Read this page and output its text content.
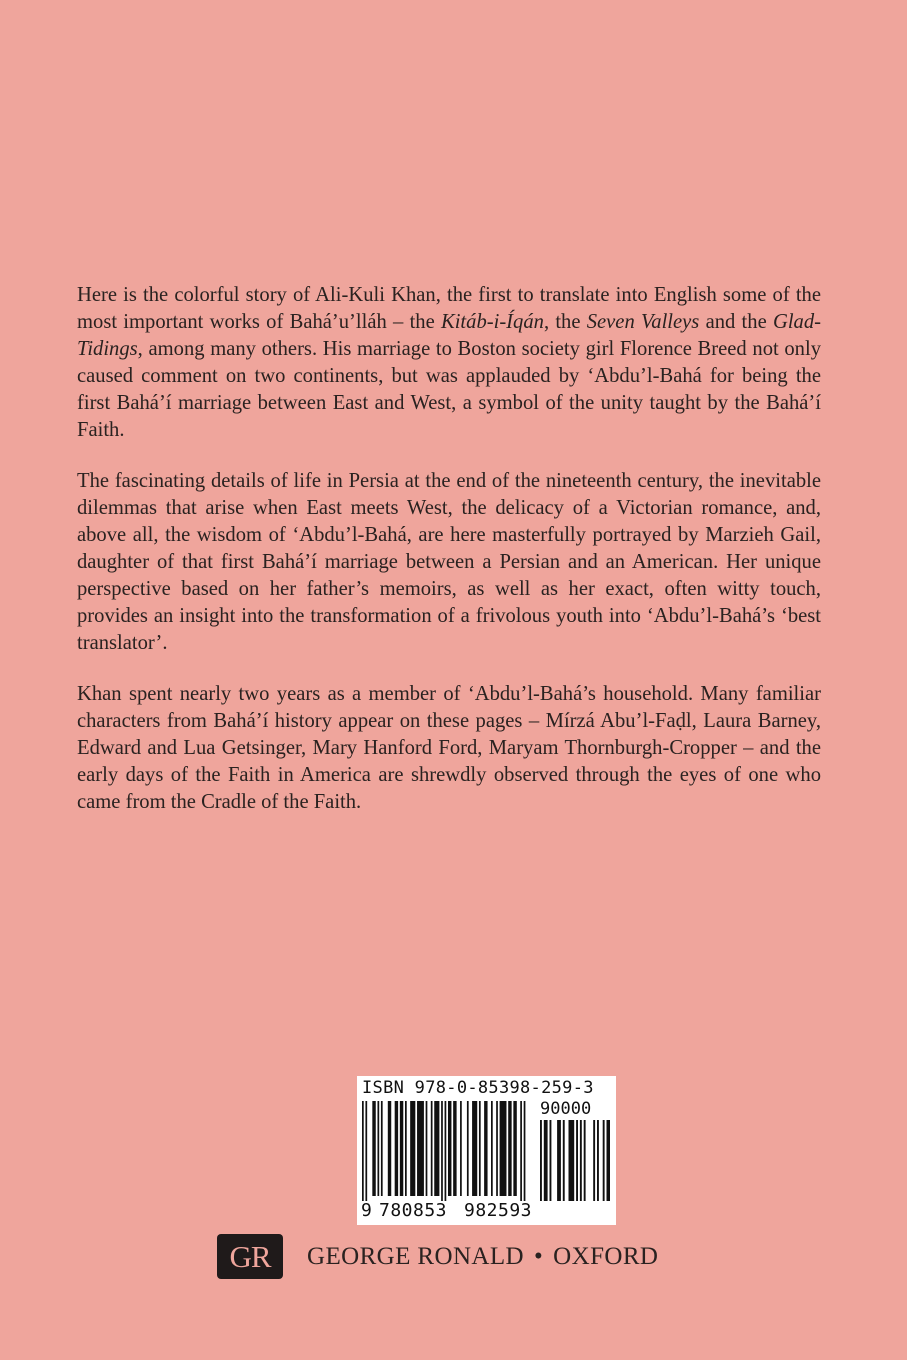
Here is the colorful story of Ali-Kuli Khan, the first to translate into English some of the most important works of Bahá’u’lláh – the Kitáb-i-Íqán, the Seven Valleys and the Glad-Tidings, among many others. His marriage to Boston society girl Florence Breed not only caused comment on two continents, but was applauded by ‘Abdu’l-Bahá for being the first Bahá’í marriage between East and West, a symbol of the unity taught by the Bahá’í Faith.

The fascinating details of life in Persia at the end of the nineteenth century, the inevitable dilemmas that arise when East meets West, the delicacy of a Victorian romance, and, above all, the wisdom of ‘Abdu’l-Bahá, are here masterfully portrayed by Marzieh Gail, daughter of that first Bahá’í marriage between a Persian and an American. Her unique perspective based on her father’s memoirs, as well as her exact, often witty touch, provides an insight into the transformation of a frivolous youth into ‘Abdu’l-Bahá’s ‘best translator’.

Khan spent nearly two years as a member of ‘Abdu’l-Bahá’s household. Many familiar characters from Bahá’í history appear on these pages – Mírzá Abu’l-Faḍl, Laura Barney, Edward and Lua Getsinger, Mary Hanford Ford, Maryam Thornburgh-Cropper – and the early days of the Faith in America are shrewdly observed through the eyes of one who came from the Cradle of the Faith.

ISBN 978-0-85398-259-3
90000
9 780853 982593
GR	GEORGE RONALD • OXFORD
